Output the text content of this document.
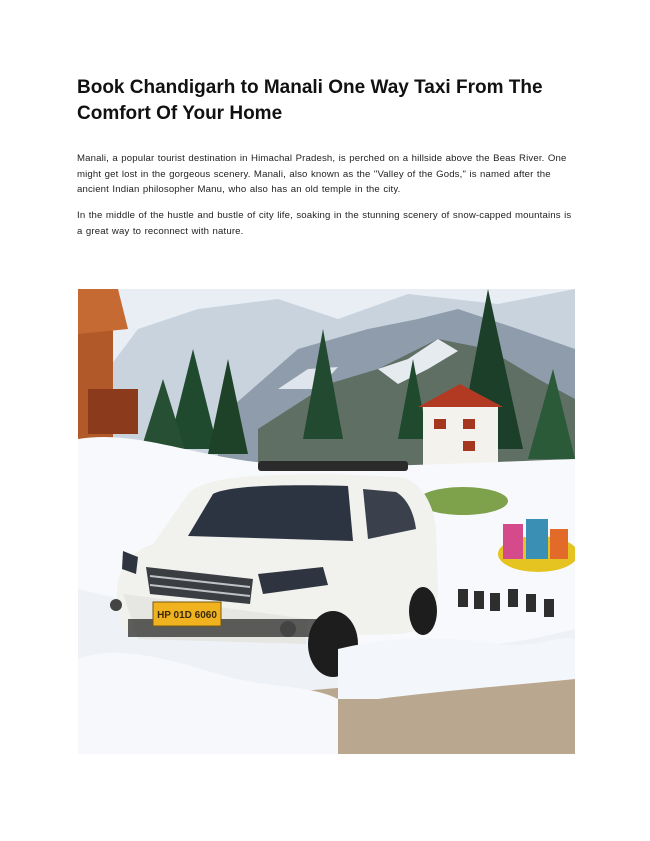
Book Chandigarh to Manali One Way Taxi From The Comfort Of Your Home

Manali, a popular tourist destination in Himachal Pradesh, is perched on a hillside above the Beas River. One might get lost in the gorgeous scenery. Manali, also known as the "Valley of the Gods," is named after the ancient Indian philosopher Manu, who also has an old temple in the city.

In the middle of the hustle and bustle of city life, soaking in the stunning scenery of snow-capped mountains is a great way to reconnect with nature.

HP 01D 6060
